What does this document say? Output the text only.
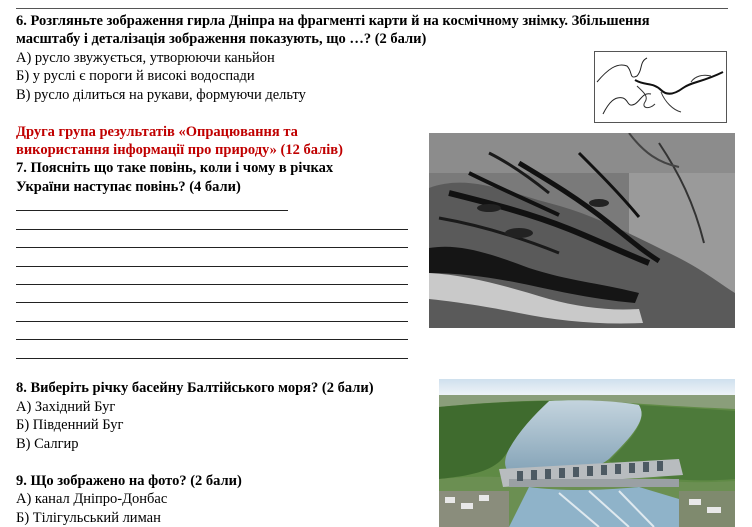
6. Розгляньте зображення гирла Дніпра на фрагменті карти й на космічному знімку. Збільшення
масштабу і деталізація зображення показують, що …? (2 бали)
А) русло звужується, утворюючи каньйон
Б) у руслі є пороги й високі водоспади
В) русло ділиться на рукави, формуючи дельту
Друга група результатів «Опрацювання та
використання інформації про природу» (12 балів)
7. Поясніть що таке повінь, коли і чому в річках
України наступає повінь? (4 бали)
8. Виберіть річку басейну Балтійського моря? (2 бали)
А) Західний Буг
Б) Південний Буг
В) Салгир
9. Що зображено на фото? (2 бали)
А) канал Дніпро-Донбас
Б) Тілігульський лиман
